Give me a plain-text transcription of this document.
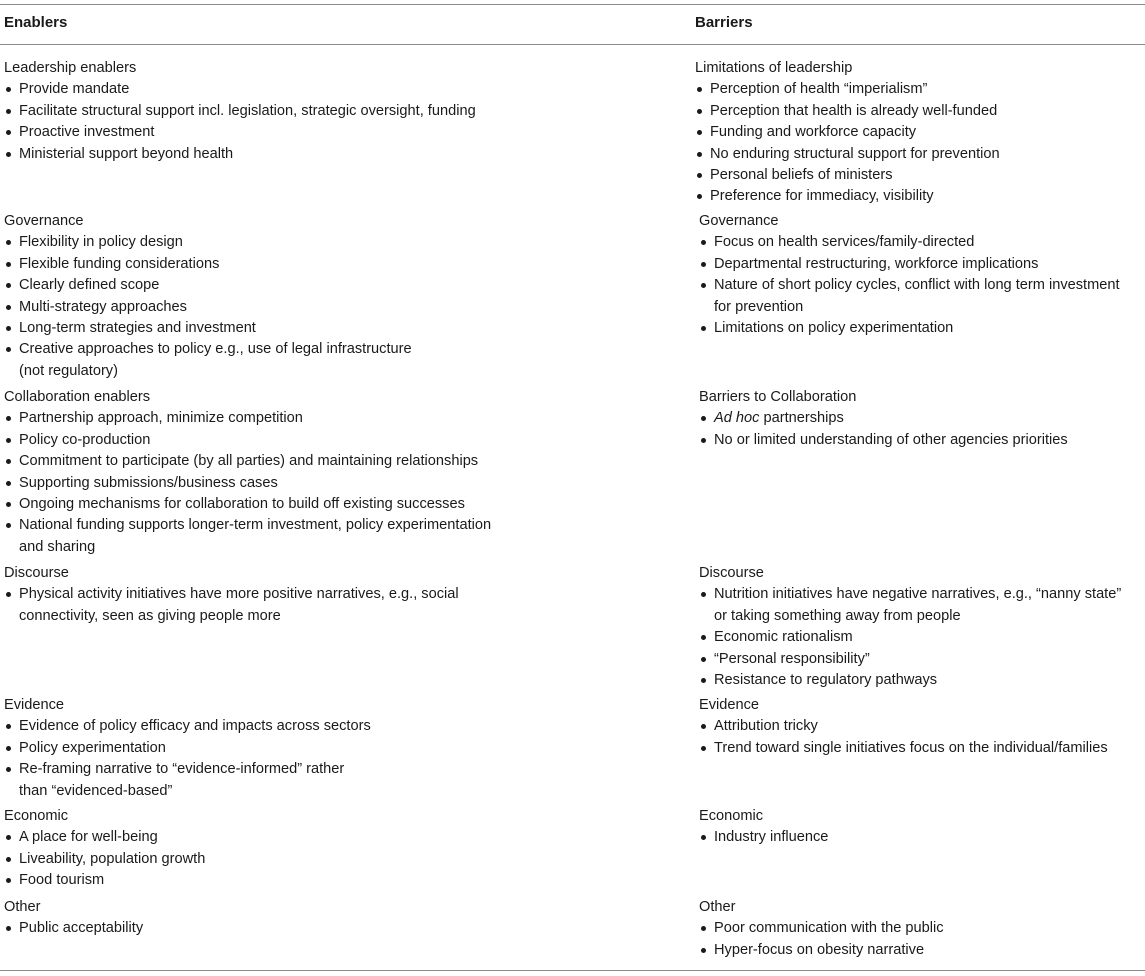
Enablers	Barriers
Leadership enablers
Provide mandate
Facilitate structural support incl. legislation, strategic oversight, funding
Proactive investment
Ministerial support beyond health
Governance
Flexibility in policy design
Flexible funding considerations
Clearly defined scope
Multi-strategy approaches
Long-term strategies and investment
Creative approaches to policy e.g., use of legal infrastructure
(not regulatory)
Collaboration enablers
Partnership approach, minimize competition
Policy co-production
Commitment to participate (by all parties) and maintaining relationships
Supporting submissions/business cases
Ongoing mechanisms for collaboration to build off existing successes
National funding supports longer-term investment, policy experimentation
and sharing
Discourse
Physical activity initiatives have more positive narratives, e.g., social
connectivity, seen as giving people more
Evidence
Evidence of policy efficacy and impacts across sectors
Policy experimentation
Re-framing narrative to “evidence-informed” rather
than “evidenced-based”
Economic
A place for well-being
Liveability, population growth
Food tourism
Other
Public acceptability
Limitations of leadership
Perception of health “imperialism”
Perception that health is already well-funded
Funding and workforce capacity
No enduring structural support for prevention
Personal beliefs of ministers
Preference for immediacy, visibility
Governance
Focus on health services/family-directed
Departmental restructuring, workforce implications
Nature of short policy cycles, conflict with long term investment
for prevention
Limitations on policy experimentation
Barriers to Collaboration
Ad hoc partnerships
No or limited understanding of other agencies priorities
Discourse
Nutrition initiatives have negative narratives, e.g., “nanny state”
or taking something away from people
Economic rationalism
“Personal responsibility”
Resistance to regulatory pathways
Evidence
Attribution tricky
Trend toward single initiatives focus on the individual/families
Economic
Industry influence
Other
Poor communication with the public
Hyper-focus on obesity narrative
